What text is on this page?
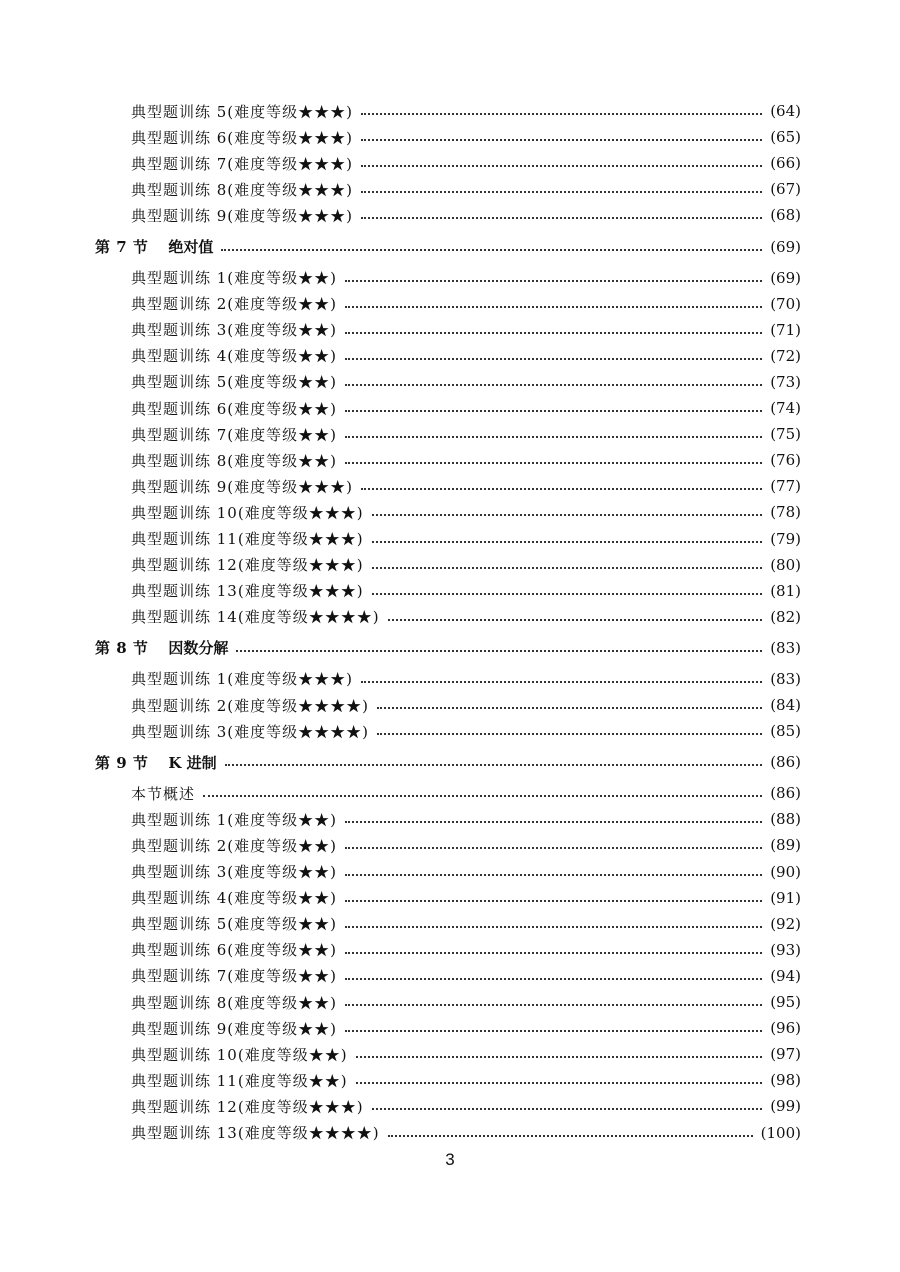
典型题训练 5(难度等级★★★)	(64)
典型题训练 6(难度等级★★★)	(65)
典型题训练 7(难度等级★★★)	(66)
典型题训练 8(难度等级★★★)	(67)
典型题训练 9(难度等级★★★)	(68)
第 7 节 绝对值	(69)
典型题训练 1(难度等级★★)	(69)
典型题训练 2(难度等级★★)	(70)
典型题训练 3(难度等级★★)	(71)
典型题训练 4(难度等级★★)	(72)
典型题训练 5(难度等级★★)	(73)
典型题训练 6(难度等级★★)	(74)
典型题训练 7(难度等级★★)	(75)
典型题训练 8(难度等级★★)	(76)
典型题训练 9(难度等级★★★)	(77)
典型题训练 10(难度等级★★★)	(78)
典型题训练 11(难度等级★★★)	(79)
典型题训练 12(难度等级★★★)	(80)
典型题训练 13(难度等级★★★)	(81)
典型题训练 14(难度等级★★★★)	(82)
第 8 节 因数分解	(83)
典型题训练 1(难度等级★★★)	(83)
典型题训练 2(难度等级★★★★)	(84)
典型题训练 3(难度等级★★★★)	(85)
第 9 节 K 进制	(86)
本节概述	(86)
典型题训练 1(难度等级★★)	(88)
典型题训练 2(难度等级★★)	(89)
典型题训练 3(难度等级★★)	(90)
典型题训练 4(难度等级★★)	(91)
典型题训练 5(难度等级★★)	(92)
典型题训练 6(难度等级★★)	(93)
典型题训练 7(难度等级★★)	(94)
典型题训练 8(难度等级★★)	(95)
典型题训练 9(难度等级★★)	(96)
典型题训练 10(难度等级★★)	(97)
典型题训练 11(难度等级★★)	(98)
典型题训练 12(难度等级★★★)	(99)
典型题训练 13(难度等级★★★★)	(100)
3
